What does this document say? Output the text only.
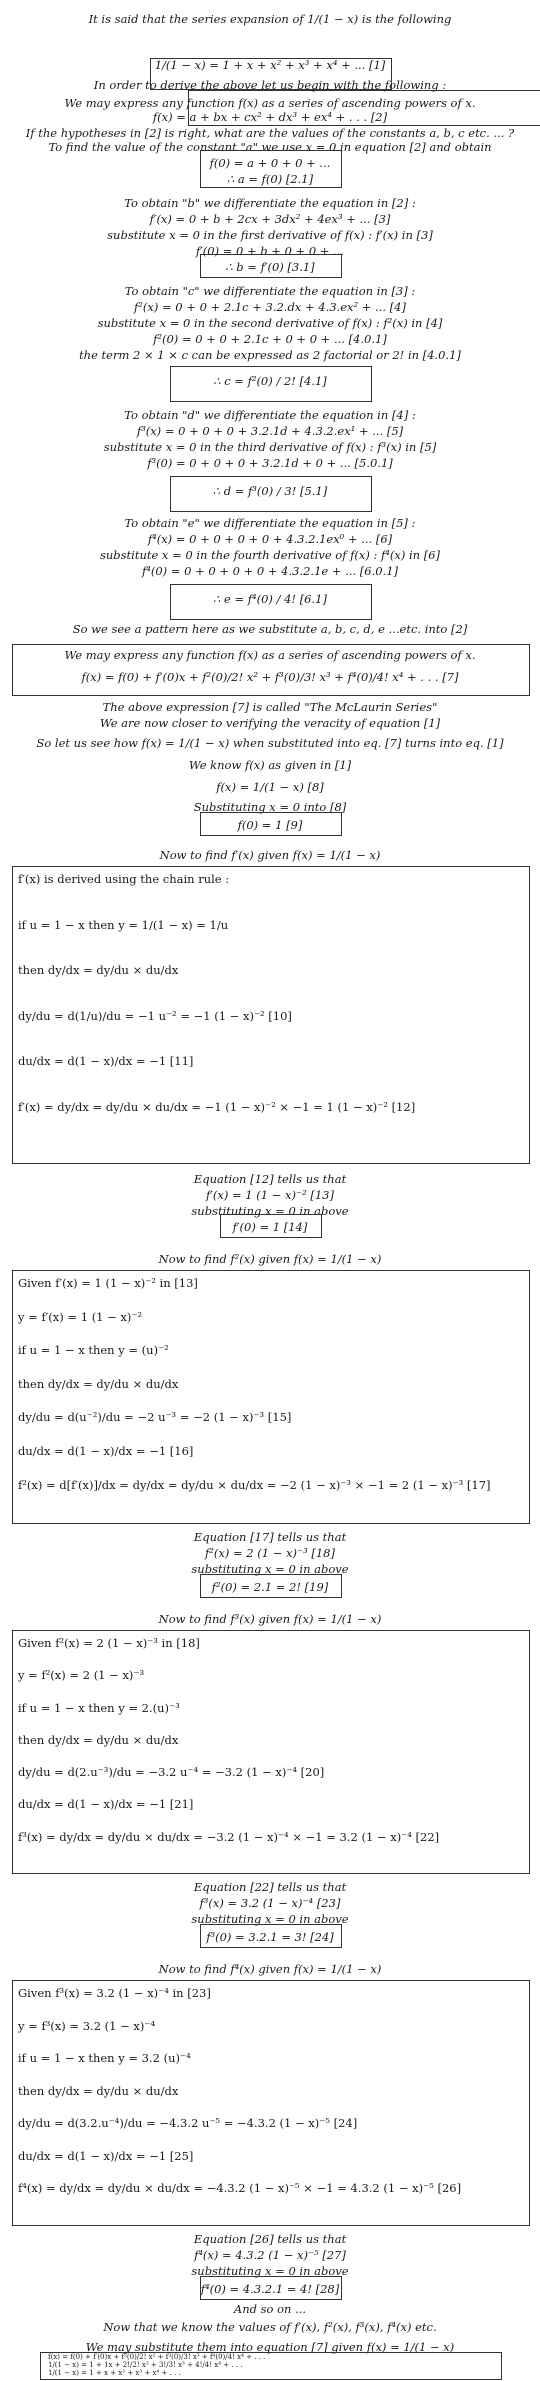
It is said that the series expansion of 1/(1 − x) is the following
1/(1 − x) = 1 + x + x² + x³ + x⁴ + ... [1]
In order to derive the above let us begin with the following :
We may express any function f(x) as a series of ascending powers of x.
f(x) = a + bx + cx² + dx³ + ex⁴ + . . . [2]
If the hypotheses in [2] is right, what are the values of the constants a, b, c etc. ... ?
To find the value of the constant "a" we use x = 0 in equation [2] and obtain
f(0) = a + 0 + 0 + ...
∴ a = f(0) [2.1]
To obtain "b" we differentiate the equation in [2] :
f′(x) = 0 + b + 2cx + 3dx² + 4ex³ + ... [3]
substitute x = 0 in the first derivative of f(x) : f′(x) in [3]
f′(0) = 0 + b + 0 + 0 + ...
∴ b = f′(0) [3.1]
To obtain "c" we differentiate the equation in [3] :
f²(x) = 0 + 0 + 2.1c + 3.2.dx + 4.3.ex² + ... [4]
substitute x = 0 in the second derivative of f(x) : f²(x) in [4]
f²(0) = 0 + 0 + 2.1c + 0 + 0 + ... [4.0.1]
the term 2 × 1 × c can be expressed as 2 factorial or 2! in [4.0.1]
∴ c = f²(0) / 2! [4.1]
To obtain "d" we differentiate the equation in [4] :
f³(x) = 0 + 0 + 0 + 3.2.1d + 4.3.2.ex¹ + ... [5]
substitute x = 0 in the third derivative of f(x) : f³(x) in [5]
f³(0) = 0 + 0 + 0 + 3.2.1d + 0 + ... [5.0.1]
∴ d = f³(0) / 3! [5.1]
To obtain "e" we differentiate the equation in [5] :
f⁴(x) = 0 + 0 + 0 + 0 + 4.3.2.1ex⁰ + ... [6]
substitute x = 0 in the fourth derivative of f(x) : f⁴(x) in [6]
f⁴(0) = 0 + 0 + 0 + 0 + 4.3.2.1e + ... [6.0.1]
∴ e = f⁴(0) / 4! [6.1]
So we see a pattern here as we substitute a, b, c, d, e ...etc. into [2]
We may express any function f(x) as a series of ascending powers of x.
f(x) = f(0) + f′(0)x + f²(0)/2! x² + f³(0)/3! x³ + f⁴(0)/4! x⁴ + . . . [7]
The above expression [7] is called "The McLaurin Series"
We are now closer to verifying the veracity of equation [1]
So let us see how f(x) = 1/(1 − x) when substituted into eq. [7] turns into eq. [1]
We know f(x) as given in [1]
f(x) = 1/(1 − x) [8]
Substituting x = 0 into [8]
f(0) = 1 [9]
Now to find f′(x) given f(x) = 1/(1 − x)
Equation [12] tells us that
f′(x) = 1 (1 − x)⁻² [13]
substituting x = 0 in above
f′(0) = 1 [14]
Now to find f²(x) given f(x) = 1/(1 − x)
Equation [17] tells us that
f²(x) = 2 (1 − x)⁻³ [18]
substituting x = 0 in above
f²(0) = 2.1 = 2! [19]
Now to find f³(x) given f(x) = 1/(1 − x)
Equation [22] tells us that
f³(x) = 3.2 (1 − x)⁻⁴ [23]
substituting x = 0 in above
f³(0) = 3.2.1 = 3! [24]
Now to find f⁴(x) given f(x) = 1/(1 − x)
Equation [26] tells us that
f⁴(x) = 4.3.2 (1 − x)⁻⁵ [27]
substituting x = 0 in above
f⁴(0) = 4.3.2.1 = 4! [28]
And so on ...
Now that we know the values of f′(x), f²(x), f³(x), f⁴(x) etc.
We may substitute them into equation [7] given f(x) = 1/(1 − x)
f′(x) is derived using the chain rule :
if u = 1 − x then y = 1/(1 − x) = 1/u
then dy/dx = dy/du × du/dx
dy/du = d(1/u)/du = −1 u⁻² = −1 (1 − x)⁻² [10]
du/dx = d(1 − x)/dx = −1 [11]
f′(x) = dy/dx = dy/du × du/dx = −1 (1 − x)⁻² × −1 = 1 (1 − x)⁻² [12]
Given f′(x) = 1 (1 − x)⁻² in [13]
y = f′(x) = 1 (1 − x)⁻²
if u = 1 − x then y = (u)⁻²
then dy/dx = dy/du × du/dx
dy/du = d(u⁻²)/du = −2 u⁻³ = −2 (1 − x)⁻³ [15]
du/dx = d(1 − x)/dx = −1 [16]
f²(x) = d[f′(x)]/dx = dy/dx = dy/du × du/dx = −2 (1 − x)⁻³ × −1 = 2 (1 − x)⁻³ [17]
Given f²(x) = 2 (1 − x)⁻³ in [18]
y = f²(x) = 2 (1 − x)⁻³
if u = 1 − x then y = 2.(u)⁻³
then dy/dx = dy/du × du/dx
dy/du = d(2.u⁻³)/du = −3.2 u⁻⁴ = −3.2 (1 − x)⁻⁴ [20]
du/dx = d(1 − x)/dx = −1 [21]
f³(x) = dy/dx = dy/du × du/dx = −3.2 (1 − x)⁻⁴ × −1 = 3.2 (1 − x)⁻⁴ [22]
Given f³(x) = 3.2 (1 − x)⁻⁴ in [23]
y = f³(x) = 3.2 (1 − x)⁻⁴
if u = 1 − x then y = 3.2 (u)⁻⁴
then dy/dx = dy/du × du/dx
dy/du = d(3.2.u⁻⁴)/du = −4.3.2 u⁻⁵ = −4.3.2 (1 − x)⁻⁵ [24]
du/dx = d(1 − x)/dx = −1 [25]
f⁴(x) = dy/dx = dy/du × du/dx = −4.3.2 (1 − x)⁻⁵ × −1 = 4.3.2 (1 − x)⁻⁵ [26]
f(x) = f(0) + f′(0)x + f²(0)/2! x² + f³(0)/3! x³ + f⁴(0)/4! x⁴ + . . .
1/(1 − x) = 1 + 1x + 2!/2! x² + 3!/3! x³ + 4!/4! x⁴ + . . .
1/(1 − x) = 1 + x + x² + x³ + x⁴ + . . .
